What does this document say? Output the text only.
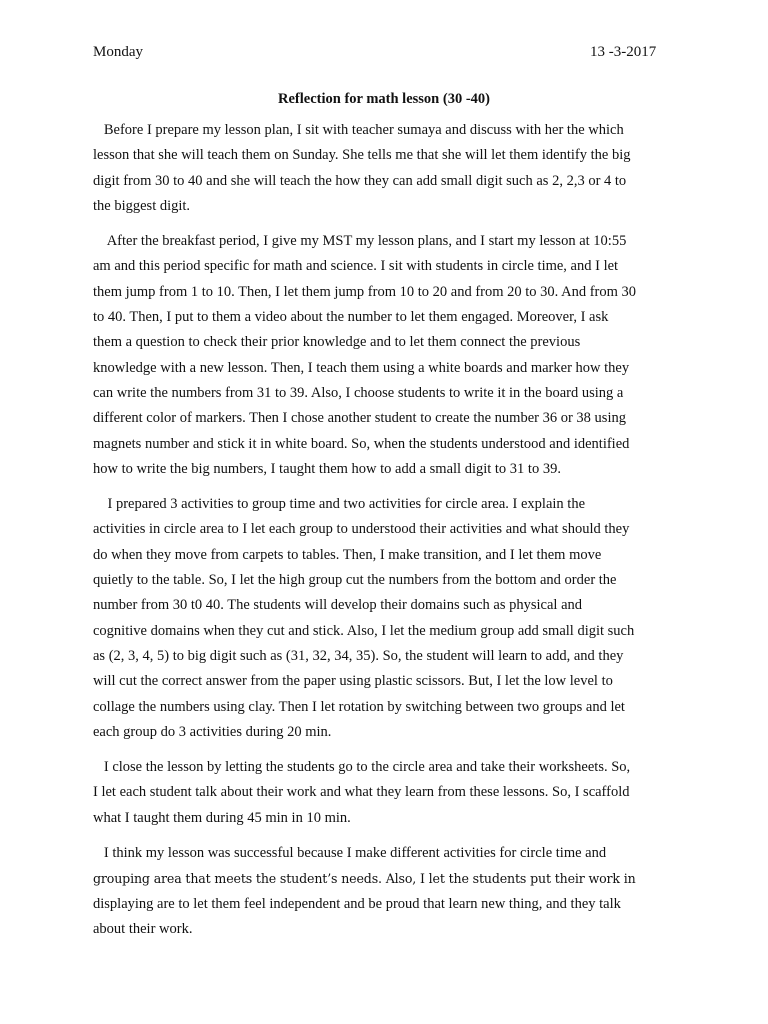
Monday	13 -3-2017
Reflection for math lesson (30 -40)
Before I prepare my lesson plan, I sit with teacher sumaya and discuss with her the which
lesson that she will teach them on Sunday. She tells me that she will let them identify the big
digit from 30 to 40 and she will teach the how they can add small digit such as 2, 2,3 or 4 to
the biggest digit.
After the breakfast period, I give my MST my lesson plans, and I start my lesson at 10:55
am and this period specific for math and science. I sit with students in circle time, and I let
them jump from 1 to 10. Then, I let them jump from 10 to 20 and from 20 to 30. And from 30
to 40. Then, I put to them a video about the number to let them engaged. Moreover, I ask
them a question to check their prior knowledge and to let them connect the previous
knowledge with a new lesson. Then, I teach them using a white boards and marker how they
can write the numbers from 31 to 39. Also, I choose students to write it in the board using a
different color of markers. Then I chose another student to create the number 36 or 38 using
magnets number and stick it in white board. So, when the students understood and identified
how to write the big numbers, I taught them how to add a small digit to 31 to 39.
I prepared 3 activities to group time and two activities for circle area. I explain the
activities in circle area to I let each group to understood their activities and what should they
do when they move from carpets to tables. Then, I make transition, and I let them move
quietly to the table. So, I let the high group cut the numbers from the bottom and order the
number from 30 t0 40. The students will develop their domains such as physical and
cognitive domains when they cut and stick. Also, I let the medium group add small digit such
as (2, 3, 4, 5) to big digit such as (31, 32, 34, 35). So, the student will learn to add, and they
will cut the correct answer from the paper using plastic scissors. But, I let the low level to
collage the numbers using clay. Then I let rotation by switching between two groups and let
each group do 3 activities during 20 min.
I close the lesson by letting the students go to the circle area and take their worksheets. So,
I let each student talk about their work and what they learn from these lessons. So, I scaffold
what I taught them during 45 min in 10 min.
I think my lesson was successful because I make different activities for circle time and
grouping area that meets the student’s needs. Also, I let the students put their work in
displaying are to let them feel independent and be proud that learn new thing, and they talk
about their work.
